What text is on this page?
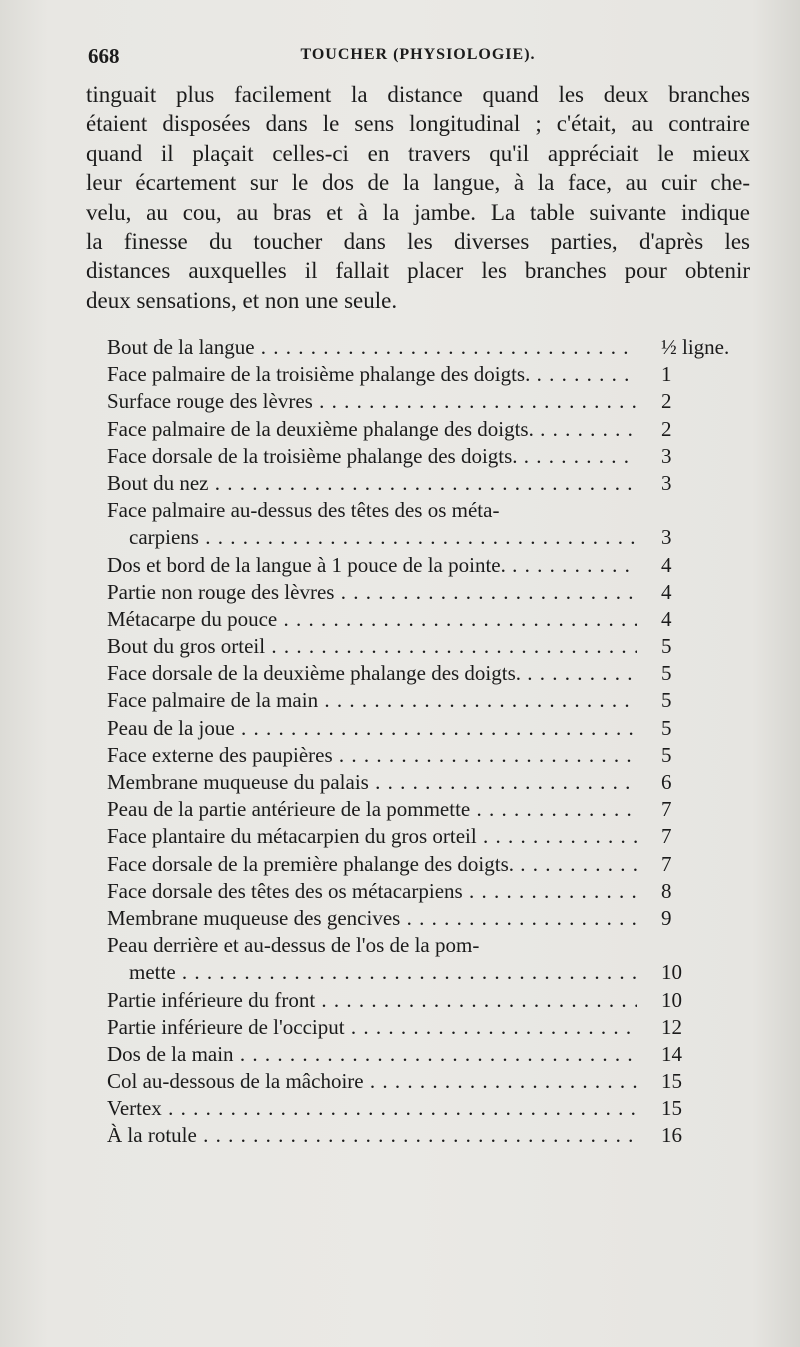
668	TOUCHER (PHYSIOLOGIE).

tinguait plus facilement la distance quand les deux branches
étaient disposées dans le sens longitudinal ; c'était, au contraire
quand il plaçait celles-ci en travers qu'il appréciait le mieux
leur écartement sur le dos de la langue, à la face, au cuir che-
velu, au cou, au bras et à la jambe. La table suivante indique
la finesse du toucher dans les diverses parties, d'après les
distances auxquelles il fallait placer les branches pour obtenir
deux sensations, et non une seule.

Bout de la langue . . .	½ ligne.
Face palmaire de la troisième phalange des doigts. . . .	1
Surface rouge des lèvres . . .	2
Face palmaire de la deuxième phalange des doigts. . . .	2
Face dorsale de la troisième phalange des doigts. . . .	3
Bout du nez . . .	3
Face palmaire au-dessus des têtes des os méta-
carpiens . . .	3
Dos et bord de la langue à 1 pouce de la pointe. . . .	4
Partie non rouge des lèvres . . .	4
Métacarpe du pouce . . .	4
Bout du gros orteil . . .	5
Face dorsale de la deuxième phalange des doigts. . . .	5
Face palmaire de la main . . .	5
Peau de la joue . . .	5
Face externe des paupières . . .	5
Membrane muqueuse du palais . . .	6
Peau de la partie antérieure de la pommette . . .	7
Face plantaire du métacarpien du gros orteil . . .	7
Face dorsale de la première phalange des doigts. . . .	7
Face dorsale des têtes des os métacarpiens . . .	8
Membrane muqueuse des gencives . . .	9
Peau derrière et au-dessus de l'os de la pom-
mette . . .	10
Partie inférieure du front . . .	10
Partie inférieure de l'occiput . . .	12
Dos de la main . . .	14
Col au-dessous de la mâchoire . . .	15
Vertex . . .	15
À la rotule . . .	16
